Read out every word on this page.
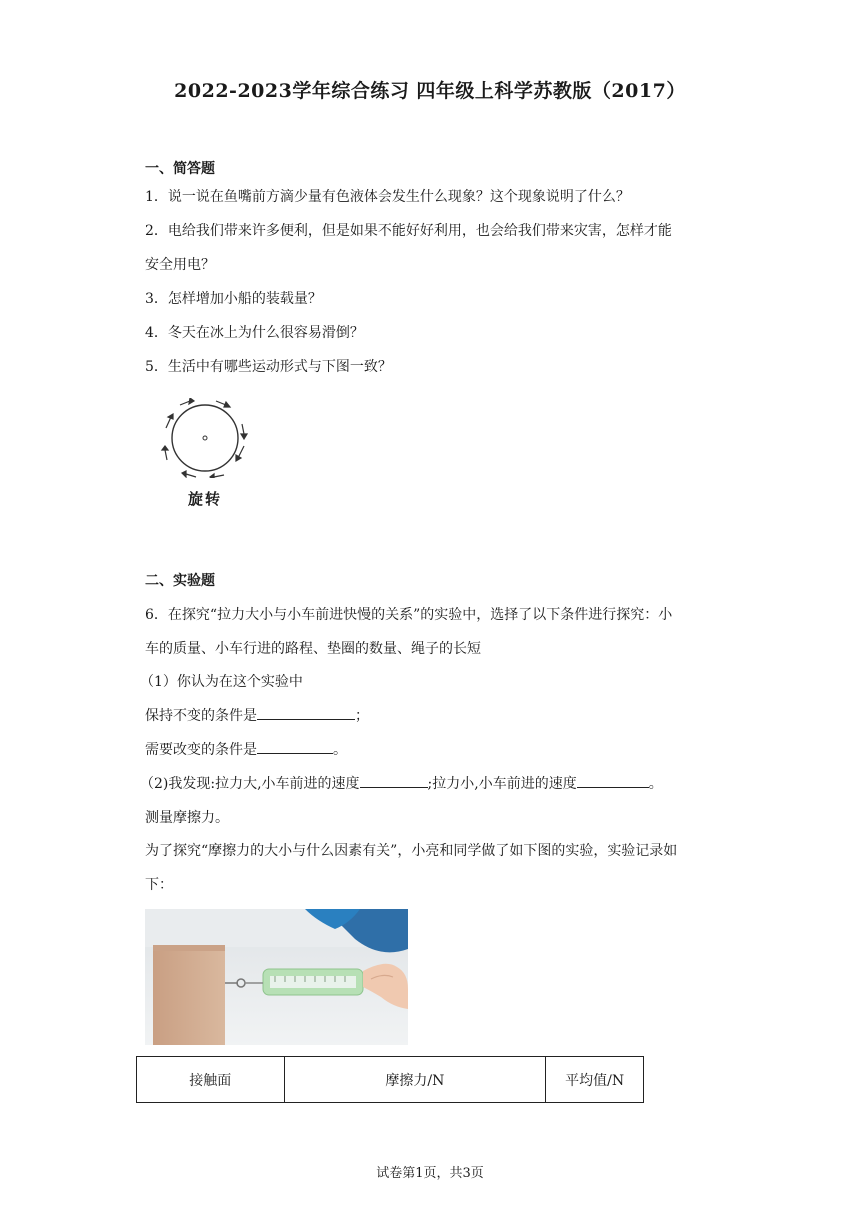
2022-2023学年综合练习 四年级上科学苏教版（2017）
一、简答题
1．说一说在鱼嘴前方滴少量有色液体会发生什么现象？这个现象说明了什么？
2．电给我们带来许多便利，但是如果不能好好利用，也会给我们带来灾害，怎样才能
安全用电？
3．怎样增加小船的装载量？
4．冬天在冰上为什么很容易滑倒？
5．生活中有哪些运动形式与下图一致？
旋转
二、实验题
6．在探究“拉力大小与小车前进快慢的关系”的实验中，选择了以下条件进行探究：小
车的质量、小车行进的路程、垫圈的数量、绳子的长短
（1）你认为在这个实验中
保持不变的条件是	；
需要改变的条件是	。
（2)我发现:拉力大,小车前进的速度	;拉力小,小车前进的速度	。
测量摩擦力。
为了探究“摩擦力的大小与什么因素有关”，小亮和同学做了如下图的实验，实验记录如
下：
接触面	摩擦力/N	平均值/N
试卷第1页，共3页
